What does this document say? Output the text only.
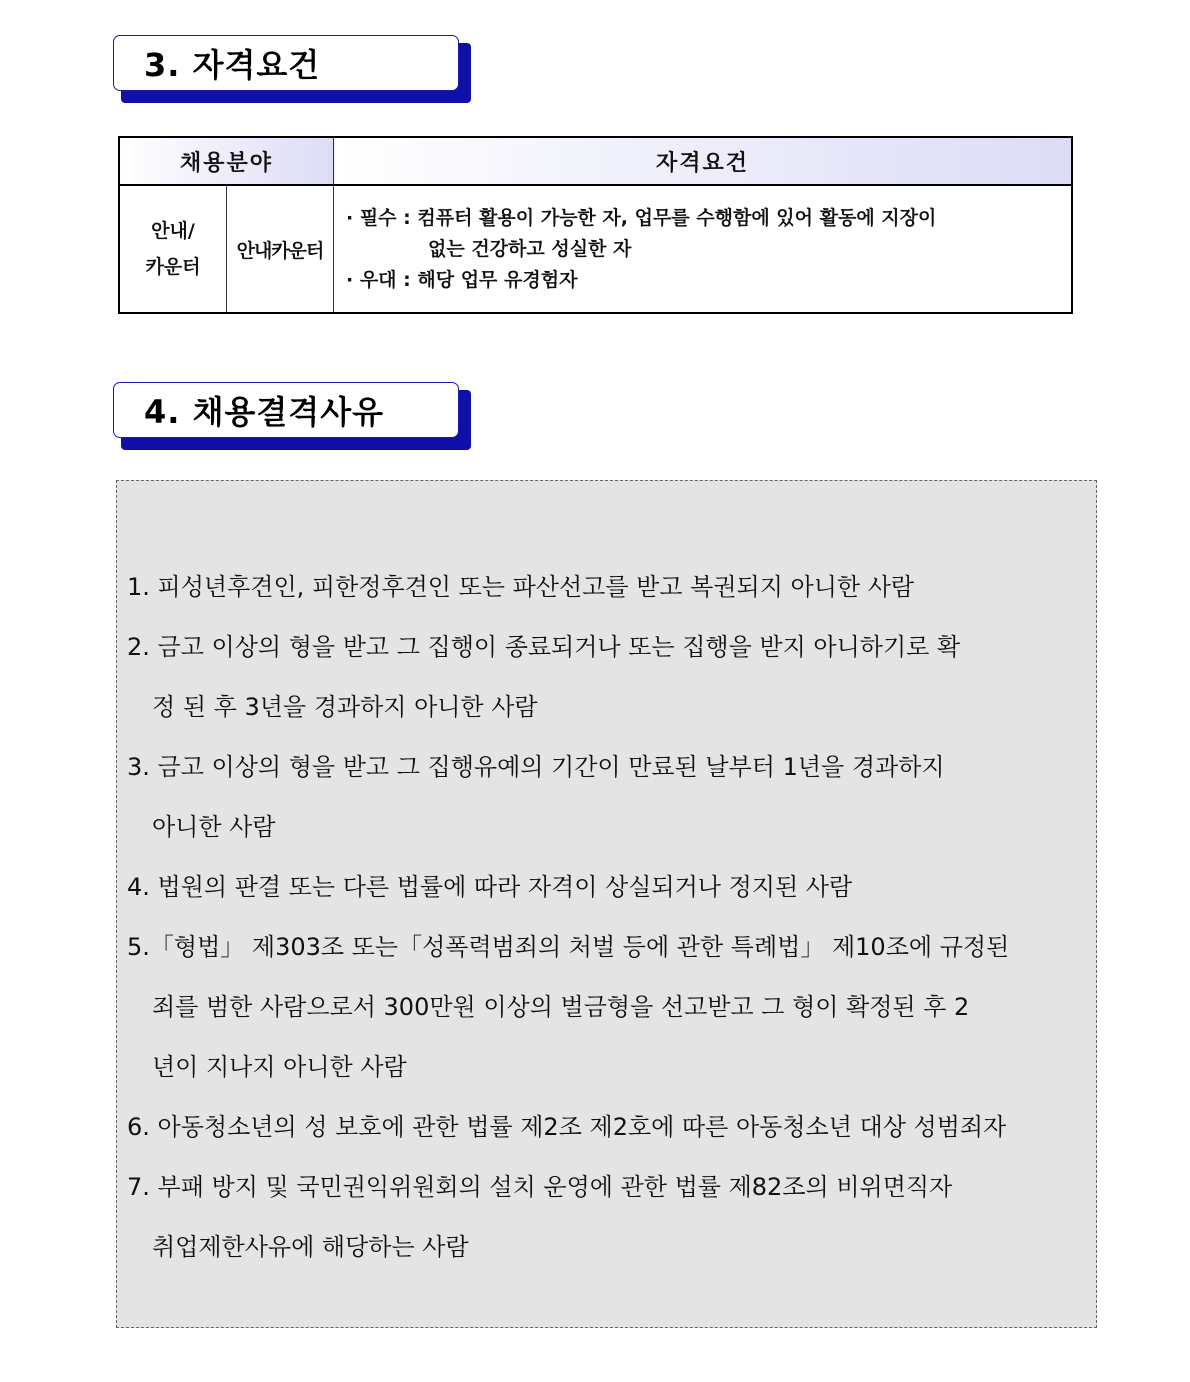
3. 자격요건
채용분야		자격요건
안내/
카운터	안내카운터	· 필수 : 컴퓨터 활용이 가능한 자, 업무를 수행함에 있어 활동에 지장이
없는 건강하고 성실한 자
· 우대 : 해당 업무 유경험자
4. 채용결격사유
1. 피성년후견인, 피한정후견인 또는 파산선고를 받고 복권되지 아니한 사람
2. 금고 이상의 형을 받고 그 집행이 종료되거나 또는 집행을 받지 아니하기로 확
정 된 후 3년을 경과하지 아니한 사람
3. 금고 이상의 형을 받고 그 집행유예의 기간이 만료된 날부터 1년을 경과하지
아니한 사람
4. 법원의 판결 또는 다른 법률에 따라 자격이 상실되거나 정지된 사람
5.「형법」 제303조 또는「성폭력범죄의 처벌 등에 관한 특례법」 제10조에 규정된
죄를 범한 사람으로서 300만원 이상의 벌금형을 선고받고 그 형이 확정된 후 2
년이 지나지 아니한 사람
6. 아동청소년의 성 보호에 관한 법률 제2조 제2호에 따른 아동청소년 대상 성범죄자
7. 부패 방지 및 국민권익위원회의 설치 운영에 관한 법률 제82조의 비위면직자
취업제한사유에 해당하는 사람
